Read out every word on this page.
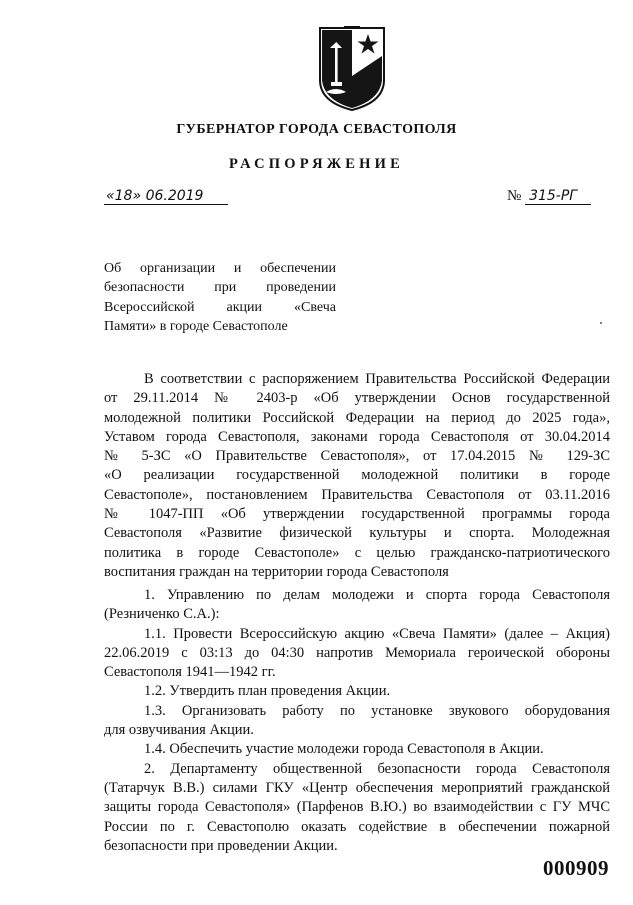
ГУБЕРНАТОР ГОРОДА СЕВАСТОПОЛЯ
РАСПОРЯЖЕНИЕ
«18» 06.2019	№ 315-РГ
Об организации и обеспечении
безопасности при проведении
Всероссийской акции «Свеча
Памяти» в городе Севастополе
В соответствии с распоряжением Правительства Российской Федерации
от 29.11.2014 № 2403-р «Об утверждении Основ государственной
молодежной политики Российской Федерации на период до 2025 года»,
Уставом города Севастополя, законами города Севастополя от 30.04.2014
№ 5-ЗС «О Правительстве Севастополя», от 17.04.2015 № 129-ЗС
«О реализации государственной молодежной политики в городе
Севастополе», постановлением Правительства Севастополя от 03.11.2016
№ 1047-ПП «Об утверждении государственной программы города
Севастополя «Развитие физической культуры и спорта. Молодежная
политика в городе Севастополе» с целью гражданско-патриотического
воспитания граждан на территории города Севастополя
1. Управлению по делам молодежи и спорта города Севастополя
(Резниченко С.А.):
1.1. Провести Всероссийскую акцию «Свеча Памяти» (далее – Акция)
22.06.2019 с 03:13 до 04:30 напротив Мемориала героической обороны
Севастополя 1941—1942 гг.
1.2. Утвердить план проведения Акции.
1.3. Организовать работу по установке звукового оборудования
для озвучивания Акции.
1.4. Обеспечить участие молодежи города Севастополя в Акции.
2. Департаменту общественной безопасности города Севастополя
(Татарчук В.В.) силами ГКУ «Центр обеспечения мероприятий гражданской
защиты города Севастополя» (Парфенов В.Ю.) во взаимодействии с ГУ МЧС
России по г. Севастополю оказать содействие в обеспечении пожарной
безопасности при проведении Акции.
000909
